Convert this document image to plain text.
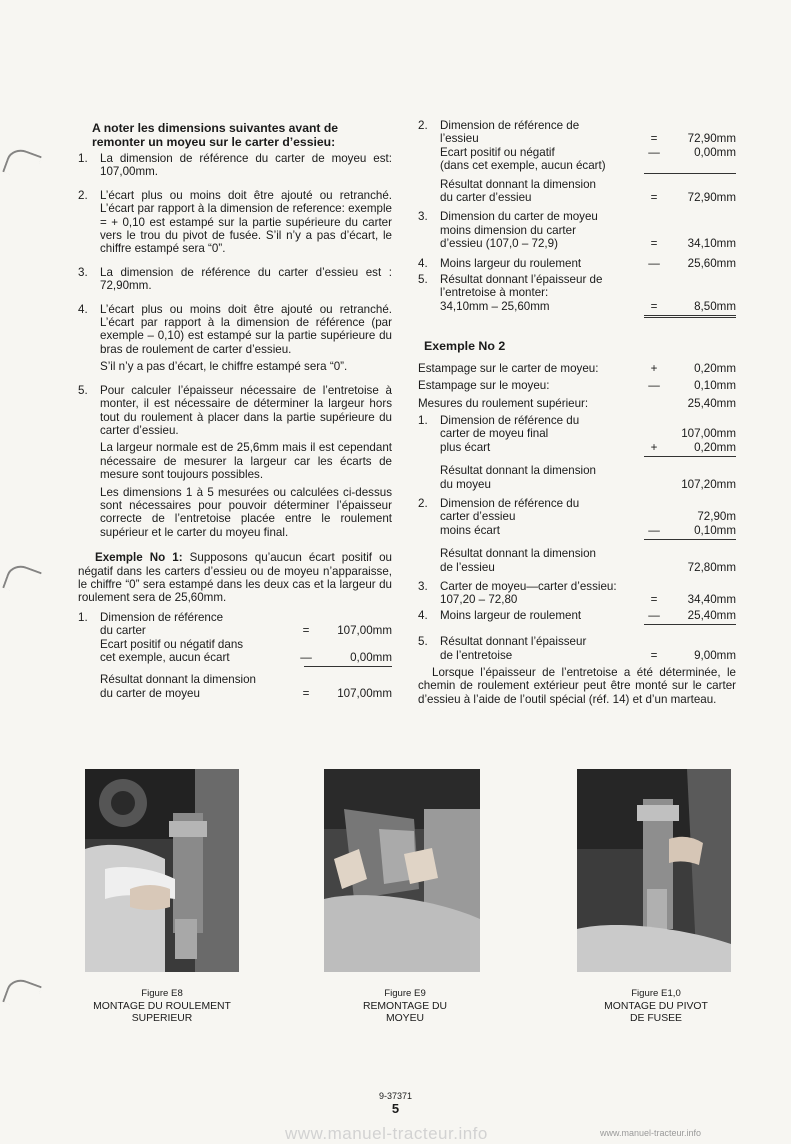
A noter les dimensions suivantes avant de remonter un moyeu sur le carter d’essieu:
1.	La dimension de référence du carter de moyeu est: 107,00mm.

2.	L’écart plus ou moins doit être ajouté ou retranché. L’écart par rapport à la dimension de reference: exemple = + 0,10 est estampé sur la partie supérieure du carter vers le trou du pivot de fusée. S’il n’y a pas d’écart, le chiffre estampé sera “0”.

3.	La dimension de référence du carter d’essieu est : 72,90mm.

4.	L’écart plus ou moins doit être ajouté ou retranché. L’écart par rapport à la dimension de référence (par exemple – 0,10) est estampé sur la partie supérieure du bras de roulement de carter d’essieu.

S’il n’y a pas d’écart, le chiffre estampé sera “0”.

5.	Pour calculer l’épaisseur nécessaire de l’entretoise à monter, il est nécessaire de déterminer la largeur hors tout du roulement à placer dans la partie supérieure du carter d’essieu.

La largeur normale est de 25,6mm mais il est cependant nécessaire de mesurer la largeur car les écarts de mesure sont toujours possibles.

Les dimensions 1 à 5 mesurées ou calculées ci-dessus sont nécessaires pour pouvoir déterminer l’épaisseur correcte de l’entretoise placée entre le roulement supérieur et le carter du moyeu final.

Exemple No 1: Supposons qu’aucun écart positif ou négatif dans les carters d’essieu ou de moyeu n’apparaisse, le chiffre “0” sera estampé dans les deux cas et la largeur du roulement sera de 25,60mm.
1.	Dimension de référence
du carter	=	107,00mm
Ecart positif ou négatif dans
cet exemple, aucun écart	—	0,00mm
Résultat donnant la dimension
du carter de moyeu	=	107,00mm
2.	Dimension de référence de
l’essieu	=	72,90mm
Ecart positif ou négatif	—	0,00mm
(dans cet exemple, aucun écart)
Résultat donnant la dimension
du carter d’essieu	=	72,90mm
3.	Dimension du carter de moyeu
moins dimension du carter
d’essieu (107,0 – 72,9)	=	34,10mm
4.	Moins largeur du roulement	—	25,60mm
5.	Résultat donnant l’épaisseur de
l’entretoise à monter:
34,10mm – 25,60mm	=	8,50mm
Exemple No 2
Estampage sur le carter de moyeu:	+	0,20mm
Estampage sur le moyeu:	—	0,10mm
Mesures du roulement supérieur:	25,40mm
1.	Dimension de référence du
carter de moyeu final	107,00mm
plus écart	+	0,20mm
Résultat donnant la dimension
du moyeu	107,20mm
2.	Dimension de référence du
carter d’essieu	72,90m
moins écart	—	0,10mm
Résultat donnant la dimension
de l’essieu	72,80mm
3.	Carter de moyeu—carter d’essieu:
107,20 – 72,80	=	34,40mm
4.	Moins largeur de roulement	—	25,40mm
5.	Résultat donnant l’épaisseur
de l’entretoise	=	9,00mm
Lorsque l’épaisseur de l’entretoise a été déterminée, le chemin de roulement extérieur peut être monté sur le carter d’essieu à l’aide de l’outil spécial (réf. 14) et d’un marteau.
Figure E8
MONTAGE DU ROULEMENT
SUPERIEUR
Figure E9
REMONTAGE DU
MOYEU
Figure E1,0
MONTAGE DU PIVOT
DE FUSEE
9-37371
5
www.manuel-tracteur.info	www.manuel-tracteur.info
